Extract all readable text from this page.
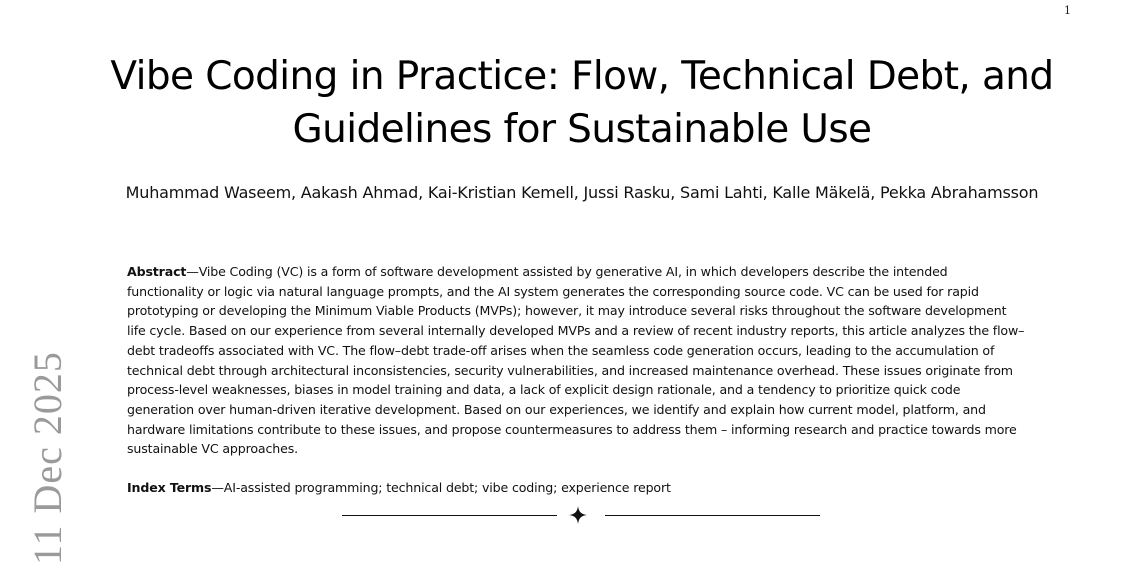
1
11 Dec 2025
Vibe Coding in Practice: Flow, Technical Debt, and Guidelines for Sustainable Use
Muhammad Waseem, Aakash Ahmad, Kai-Kristian Kemell, Jussi Rasku, Sami Lahti, Kalle Mäkelä, Pekka Abrahamsson

Abstract—Vibe Coding (VC) is a form of software development assisted by generative AI, in which developers describe the intended functionality or logic via natural language prompts, and the AI system generates the corresponding source code. VC can be used for rapid prototyping or developing the Minimum Viable Products (MVPs); however, it may introduce several risks throughout the software development life cycle. Based on our experience from several internally developed MVPs and a review of recent industry reports, this article analyzes the flow–debt tradeoffs associated with VC. The flow–debt trade-off arises when the seamless code generation occurs, leading to the accumulation of technical debt through architectural inconsistencies, security vulnerabilities, and increased maintenance overhead. These issues originate from process-level weaknesses, biases in model training and data, a lack of explicit design rationale, and a tendency to prioritize quick code generation over human-driven iterative development. Based on our experiences, we identify and explain how current model, platform, and hardware limitations contribute to these issues, and propose countermeasures to address them – informing research and practice towards more sustainable VC approaches.

Index Terms—AI-assisted programming; technical debt; vibe coding; experience report
